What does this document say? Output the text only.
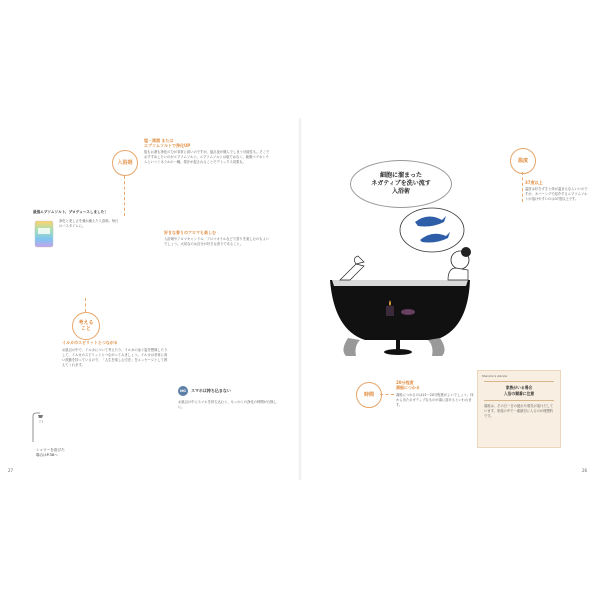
入浴剤
塩・清酒 または
エプソムソルトで浄化UP
塩もお酒も浄化の力が非常に高いのですが、風呂釜が傷んでしまう可能性も。そこでおすすめしたいのがエプソムソルト。エプソムソルトは塩ではなく、硫酸マグネシウムというミネラルの一種。発汗が促されることでデトックス効果も。
好きな香りのアロマも楽しむ
入浴剤やアロマキャンドル、アロマオイルなどで香りを楽しむのもよいでしょう。大切なのは自分が好きな香りであること。
最強エプソムソルト、プロデュースしました！
浄化と美しさを兼ね備えた入浴剤。毎日のバスタイムに。
考える
こと
イルカのスピリットとつながる
お風呂の中で、イルカについて考えたり、イルカの泳ぐ姿を想像したりして、イルカのスピリットとつながってみましょう。イルカは非常に高い波動を持っているので、「人生を楽しむ方法」をメッセージとして教えてくれます。
NG	スマホは持ち込まない
お風呂の中にスマホを持ち込むと、せっかくの浄化の時間が台無しに。
シャワーを浴びた
場合はP.38へ
27
細胞に溜まった
ネガティブを洗い流す
入浴術
温度
37度以上
温度は好きずきと体が温まるならいいのですが、カバーングで紹介するエプソムソルトが溶けやすいのは37度以上です。
時間
20分程度
湯船につかる
湯船につかるのは15〜20分程度がよいでしょう。体から出たネガティブなものが湯に溶けるといわれます。
26
Mamiko's Advice
家族がいる場合
入浴の順番に注意
湯船は、その日一日の疲れや邪気が溶けだしています。家族の中で一番最初に入るのが理想的です。
